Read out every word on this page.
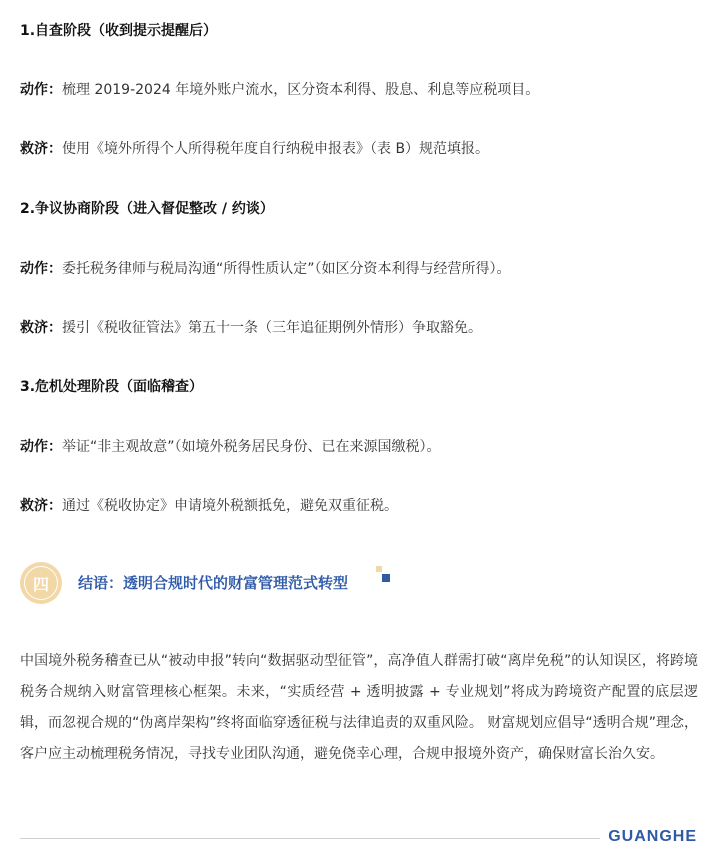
1.自查阶段（收到提示提醒后）
动作：梳理 2019-2024 年境外账户流水，区分资本利得、股息、利息等应税项目。
救济：使用《境外所得个人所得税年度自行纳税申报表》（表 B）规范填报。
2.争议协商阶段（进入督促整改 / 约谈）
动作：委托税务律师与税局沟通“所得性质认定”（如区分资本利得与经营所得）。
救济：援引《税收征管法》第五十一条（三年追征期例外情形）争取豁免。
3.危机处理阶段（面临稽查）
动作：举证“非主观故意”（如境外税务居民身份、已在来源国缴税）。
救济：通过《税收协定》申请境外税额抵免，避免双重征税。
四	结语：透明合规时代的财富管理范式转型

中国境外税务稽查已从“被动申报”转向“数据驱动型征管”，高净值人群需打破“离岸免税”的认知误区，将跨境税务合规纳入财富管理核心框架。未来，“实质经营 + 透明披露 + 专业规划”将成为跨境资产配置的底层逻辑，而忽视合规的“伪离岸架构”终将面临穿透征税与法律追责的双重风险。 财富规划应倡导“透明合规”理念，客户应主动梳理税务情况，寻找专业团队沟通，避免侥幸心理，合规申报境外资产，确保财富长治久安。

GUANGHE
